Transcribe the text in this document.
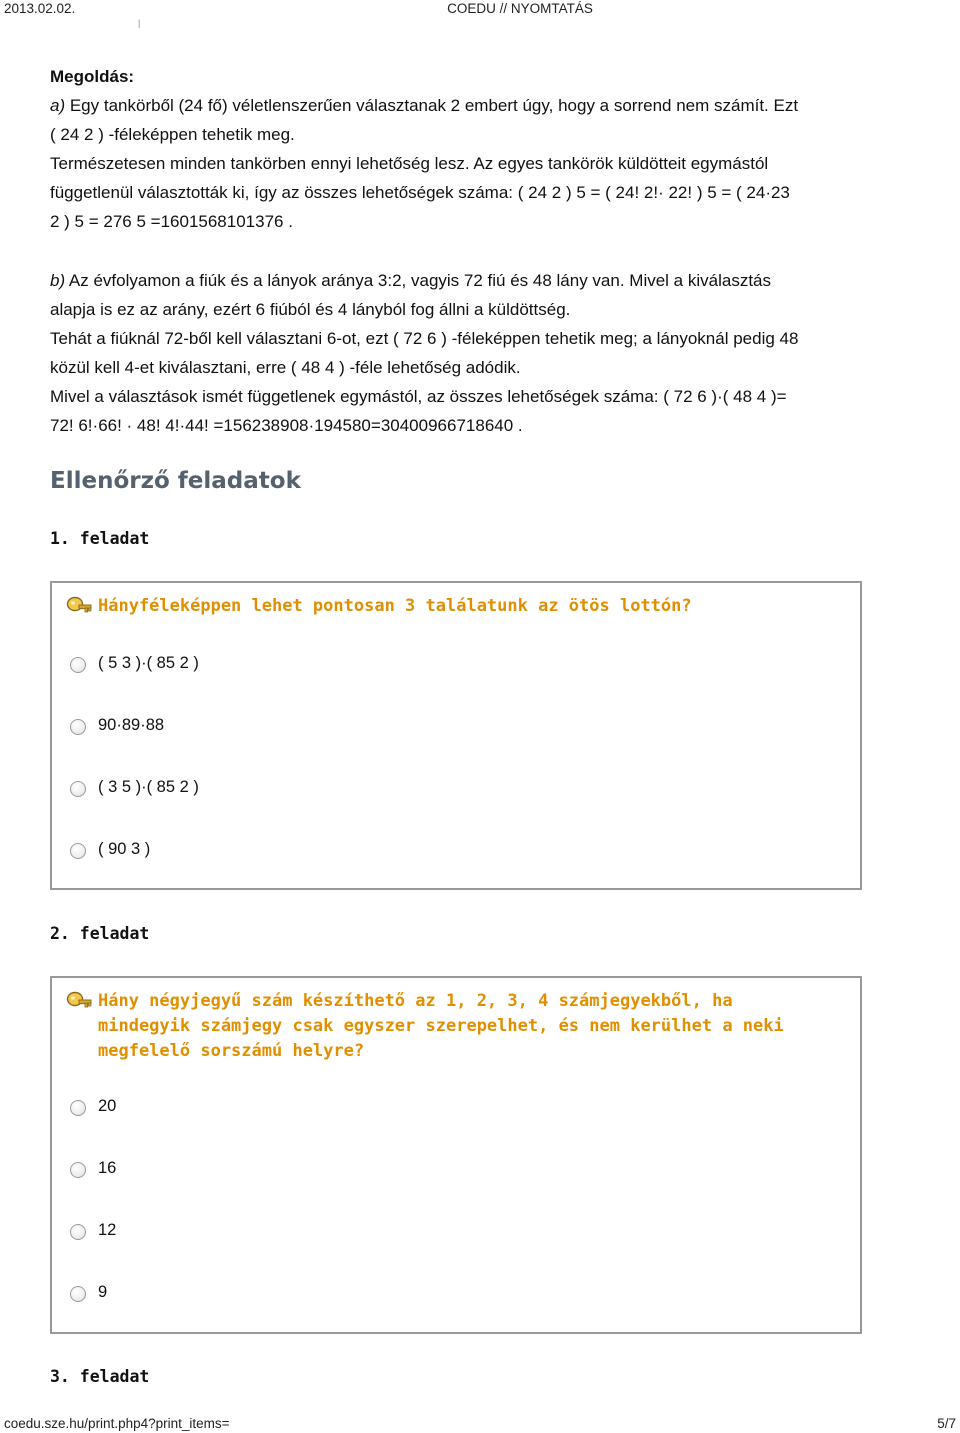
2013.02.02.	COEDU // NYOMTATÁS
|

Megoldás:

a) Egy tankörből (24 fő) véletlenszerűen választanak 2 embert úgy, hogy a sorrend nem számít. Ezt

( 24 2 ) -féleképpen tehetik meg.

Természetesen minden tankörben ennyi lehetőség lesz. Az egyes tankörök küldötteit egymástól

függetlenül választották ki, így az összes lehetőségek száma: ( 24 2 ) 5 = ( 24! 2!· 22! ) 5 = ( 24·23

2 ) 5 = 276 5 =1601568101376 .

b) Az évfolyamon a fiúk és a lányok aránya 3:2, vagyis 72 fiú és 48 lány van. Mivel a kiválasztás

alapja is ez az arány, ezért 6 fiúból és 4 lányból fog állni a küldöttség.

Tehát a fiúknál 72-ből kell választani 6-ot, ezt ( 72 6 ) -féleképpen tehetik meg; a lányoknál pedig 48

közül kell 4-et kiválasztani, erre ( 48 4 ) -féle lehetőség adódik.

Mivel a választások ismét függetlenek egymástól, az összes lehetőségek száma: ( 72 6 )·( 48 4 )=

72! 6!·66! · 48! 4!·44! =156238908·194580=30400966718640 .

Ellenőrző feladatok
1. feladat
Hányféleképpen lehet pontosan 3 találatunk az ötös lottón?
( 5 3 )·( 85 2 )
90·89·88
( 3 5 )·( 85 2 )
( 90 3 )
2. feladat
Hány négyjegyű szám készíthető az 1, 2, 3, 4 számjegyekből, ha
mindegyik számjegy csak egyszer szerepelhet, és nem kerülhet a neki
megfelelő sorszámú helyre?
20
16
12
9
3. feladat
coedu.sze.hu/print.php4?print_items=	5/7
